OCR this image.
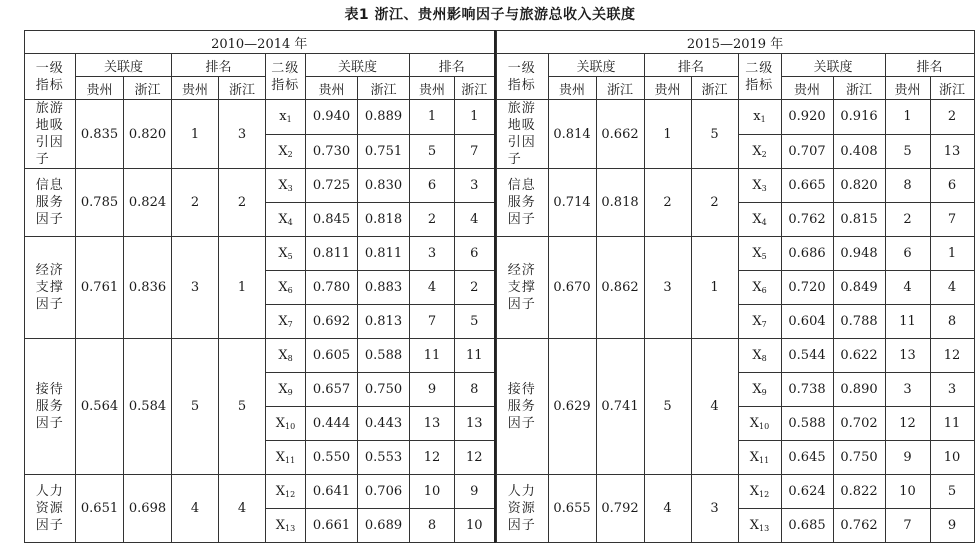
表1 浙江、贵州影响因子与旅游总收入关联度
2010—2014 年									
一级指标	关联度		排名		二级指标	关联度		排名	
	贵州	浙江	贵州	浙江		贵州	浙江	贵州	浙江
旅游地吸引因子	0.835	0.820	1	3	$x_1$	0.940	0.889	1	1
					$X_2$	0.730	0.751	5	7
信息服务因子	0.785	0.824	2	2	$X_3$	0.725	0.830	6	3
					$X_4$	0.845	0.818	2	4
经济支撑因子	0.761	0.836	3	1	$X_5$	0.811	0.811	3	6
					$X_6$	0.780	0.883	4	2
					$X_7$	0.692	0.813	7	5
接待服务因子	0.564	0.584	5	5	$X_8$	0.605	0.588	11	11
					$X_9$	0.657	0.750	9	8
					$X_{10}$	0.444	0.443	13	13
					$X_{11}$	0.550	0.553	12	12
人力资源因子	0.651	0.698	4	4	$X_{12}$	0.641	0.706	10	9
					$X_{13}$	0.661	0.689	8	10
2015—2019 年									
一级指标	关联度		排名		二级指标	关联度		排名	
	贵州	浙江	贵州	浙江		贵州	浙江	贵州	浙江
旅游地吸引因子	0.814	0.662	1	5	$x_1$	0.920	0.916	1	2
					$X_2$	0.707	0.408	5	13
信息服务因子	0.714	0.818	2	2	$X_3$	0.665	0.820	8	6
					$X_4$	0.762	0.815	2	7
经济支撑因子	0.670	0.862	3	1	$X_5$	0.686	0.948	6	1
					$X_6$	0.720	0.849	4	4
					$X_7$	0.604	0.788	11	8
接待服务因子	0.629	0.741	5	4	$X_8$	0.544	0.622	13	12
					$X_9$	0.738	0.890	3	3
					$X_{10}$	0.588	0.702	12	11
					$X_{11}$	0.645	0.750	9	10
人力资源因子	0.655	0.792	4	3	$X_{12}$	0.624	0.822	10	5
					$X_{13}$	0.685	0.762	7	9
